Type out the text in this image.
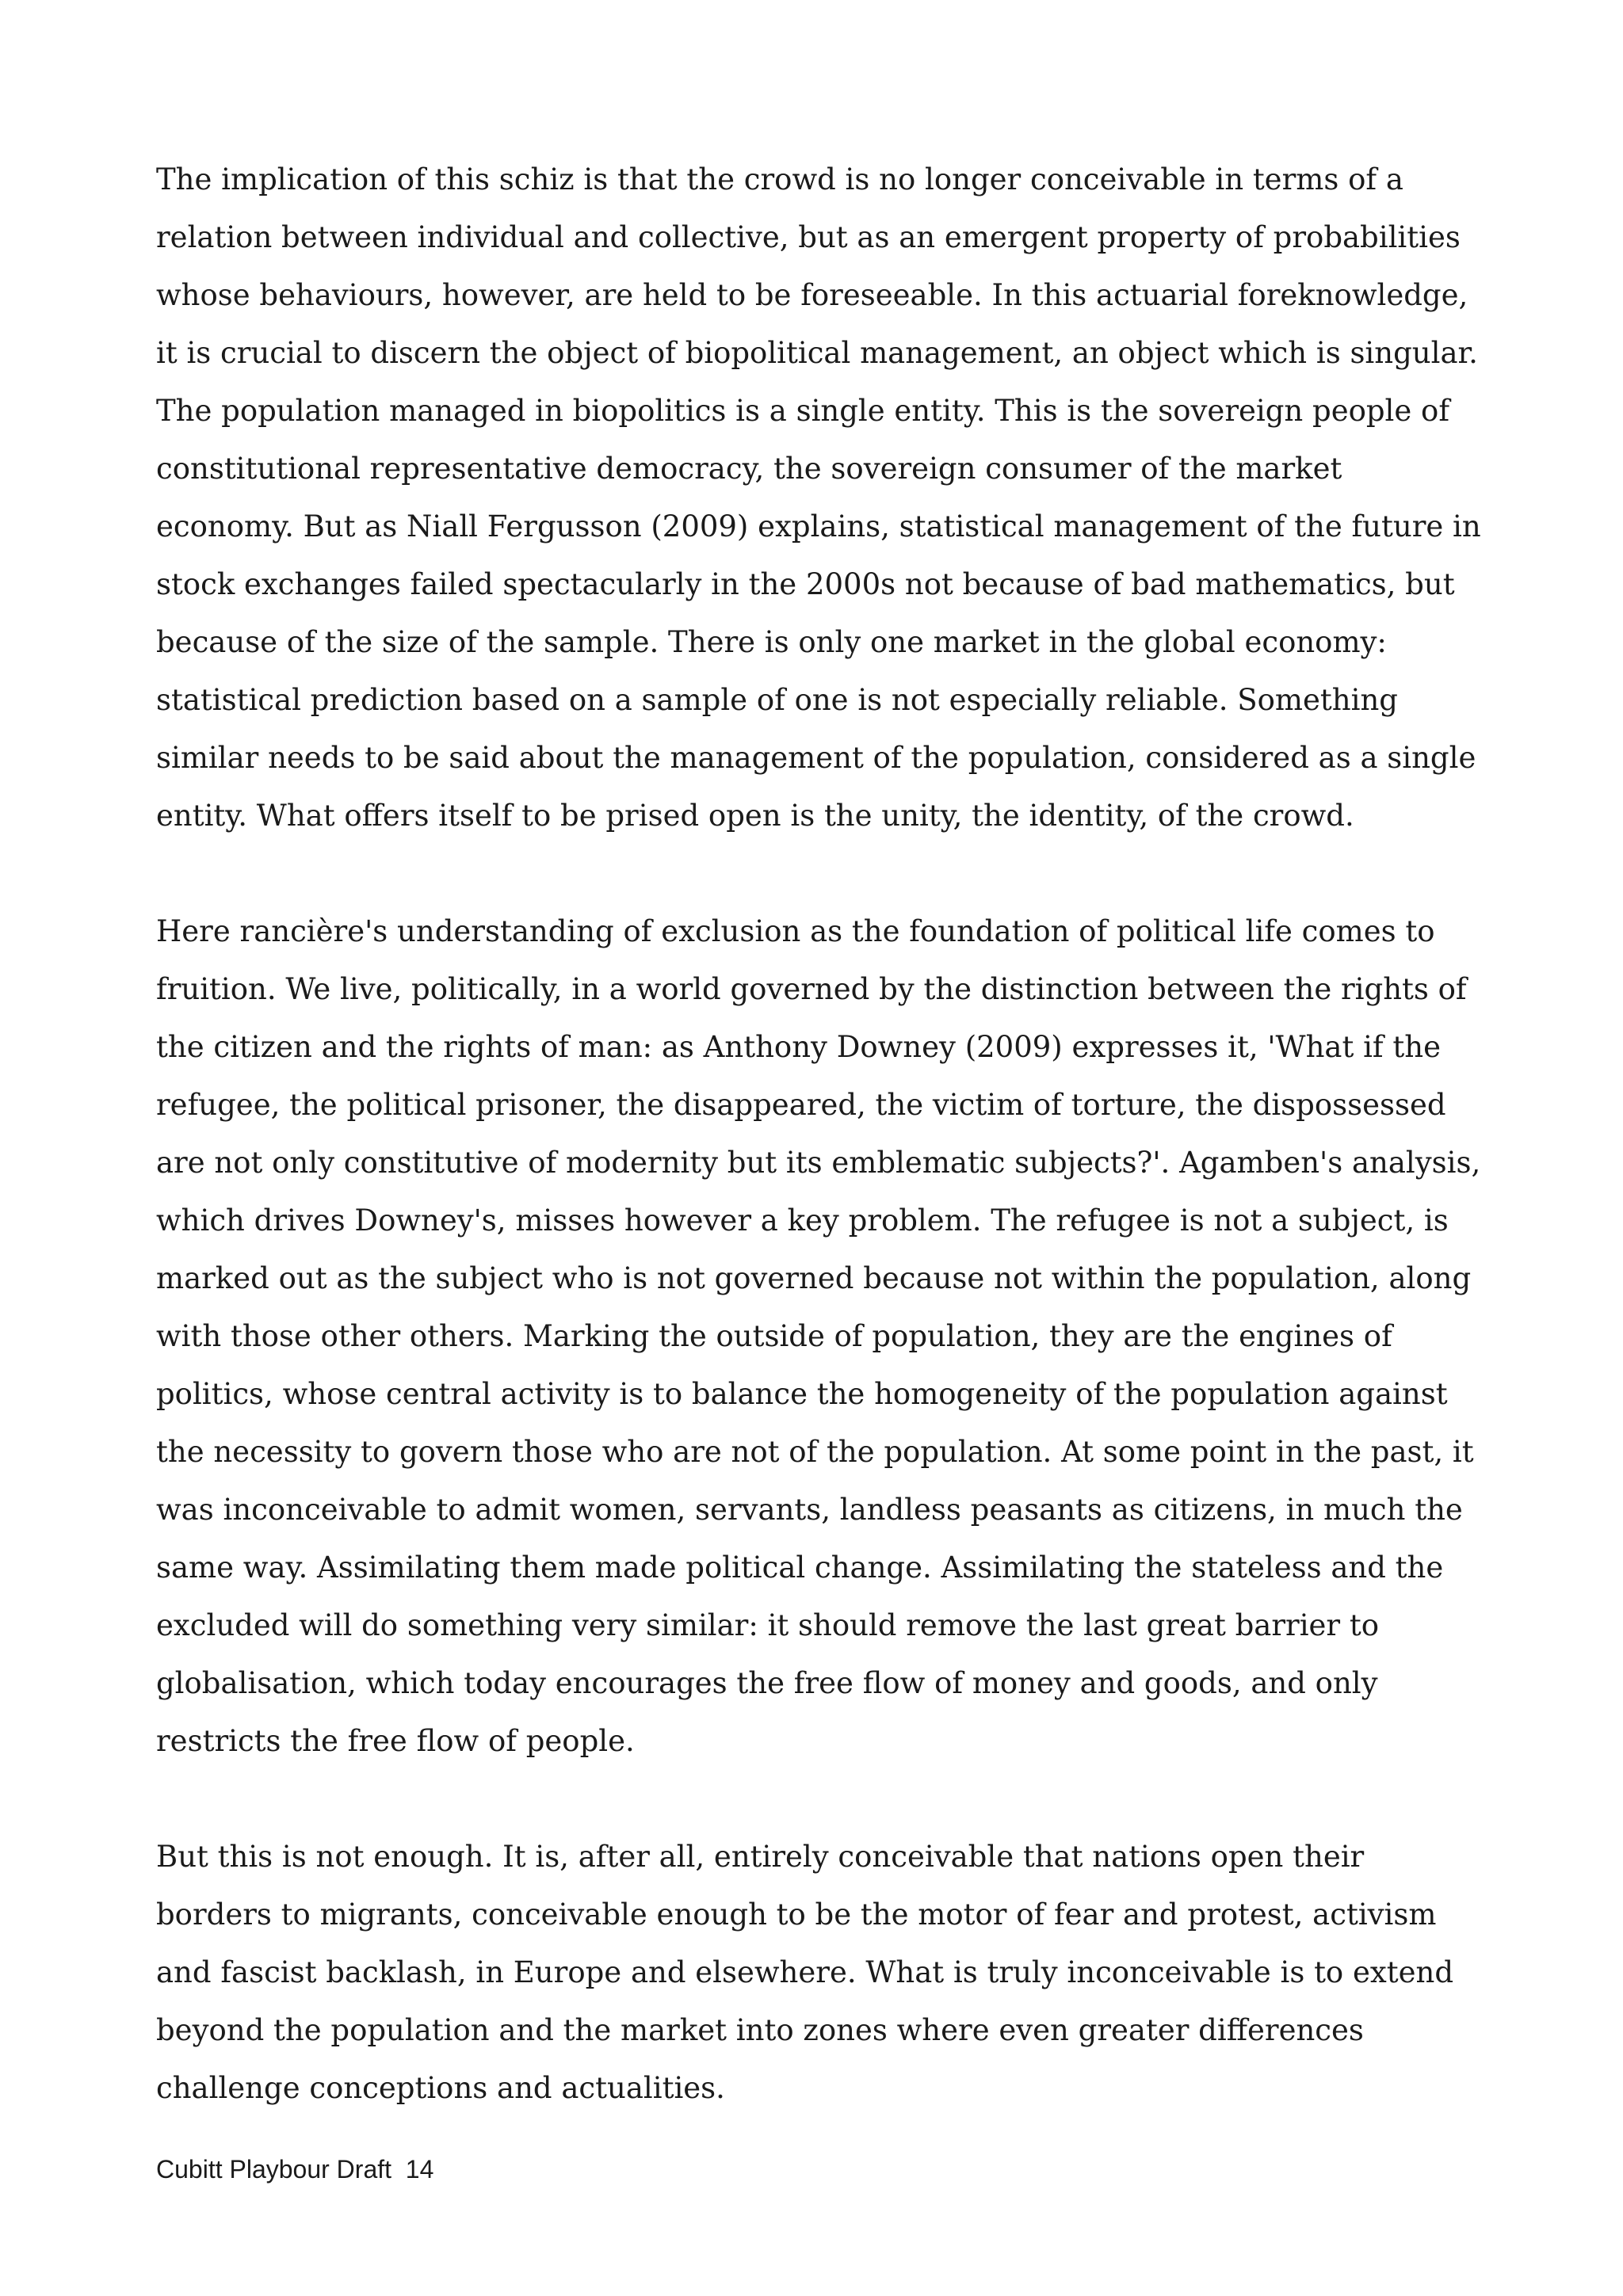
The implication of this schiz is that the crowd is no longer conceivable in terms of a relation between individual and collective, but as an emergent property of probabilities whose behaviours, however, are held to be foreseeable. In this actuarial foreknowledge, it is crucial to discern the object of biopolitical management, an object which is singular. The population managed in biopolitics is a single entity. This is the sovereign people of constitutional representative democracy, the sovereign consumer of the market economy. But as Niall Fergusson (2009) explains, statistical management of the future in stock exchanges failed spectacularly in the 2000s not because of bad mathematics, but because of the size of the sample. There is only one market in the global economy: statistical prediction based on a sample of one is not especially reliable. Something similar needs to be said about the management of the population, considered as a single entity. What offers itself to be prised open is the unity, the identity, of the crowd.

Here rancière's understanding of exclusion as the foundation of political life comes to fruition. We live, politically, in a world governed by the distinction between the rights of the citizen and the rights of man: as Anthony Downey (2009) expresses it, 'What if the refugee, the political prisoner, the disappeared, the victim of torture, the dispossessed are not only constitutive of modernity but its emblematic subjects?'. Agamben's analysis, which drives Downey's, misses however a key problem. The refugee is not a subject, is marked out as the subject who is not governed because not within the population, along with those other others. Marking the outside of population, they are the engines of politics, whose central activity is to balance the homogeneity of the population against the necessity to govern those who are not of the population. At some point in the past, it was inconceivable to admit women, servants, landless peasants as citizens, in much the same way. Assimilating them made political change. Assimilating the stateless and the excluded will do something very similar: it should remove the last great barrier to globalisation, which today encourages the free flow of money and goods, and only restricts the free flow of people.

But this is not enough. It is, after all, entirely conceivable that nations open their borders to migrants, conceivable enough to be the motor of fear and protest, activism and fascist backlash, in Europe and elsewhere. What is truly inconceivable is to extend beyond the population and the market into zones where even greater differences challenge conceptions and actualities.

Cubitt Playbour Draft  14
